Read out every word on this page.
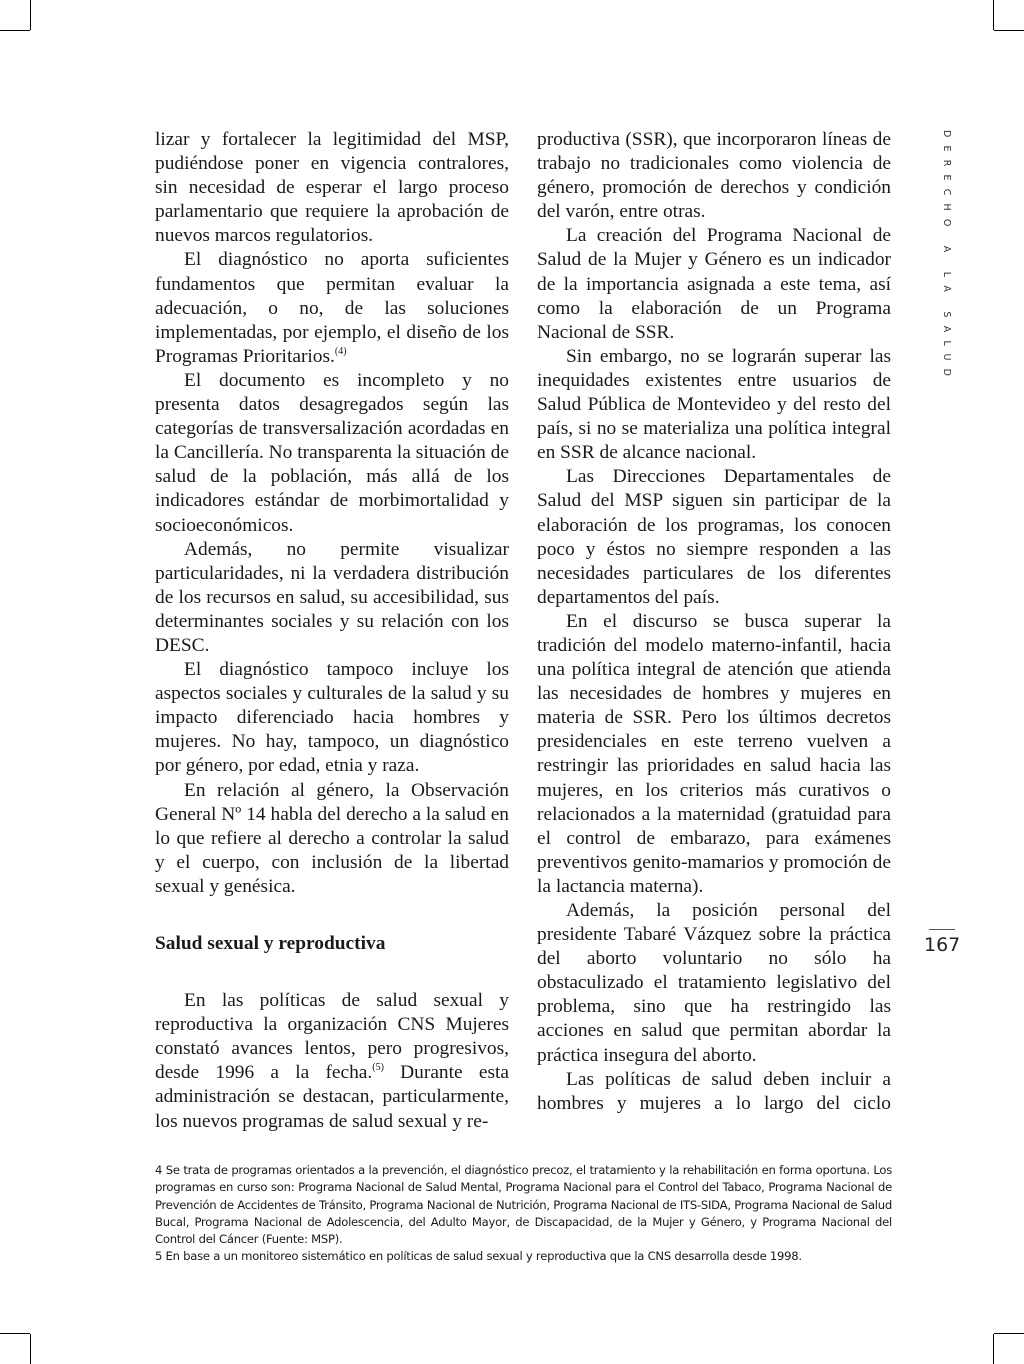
lizar y fortalecer la legitimidad del MSP, pudiéndose poner en vigencia contralores, sin necesidad de esperar el largo proceso parlamentario que requiere la aprobación de nuevos marcos regulatorios.

El diagnóstico no aporta suficientes fundamentos que permitan evaluar la adecuación, o no, de las soluciones implementadas, por ejemplo, el diseño de los Programas Prioritarios.$^{(4)}$

El documento es incompleto y no presenta datos desagregados según las categorías de transversalización acordadas en la Cancillería. No transparenta la situación de salud de la población, más allá de los indicadores estándar de morbimortalidad y socioeconómicos.

Además, no permite visualizar particularidades, ni la verdadera distribución de los recursos en salud, su accesibilidad, sus determinantes sociales y su relación con los DESC.

El diagnóstico tampoco incluye los aspectos sociales y culturales de la salud y su impacto diferenciado hacia hombres y mujeres. No hay, tampoco, un diagnóstico por género, por edad, etnia y raza.

En relación al género, la Observación General Nº 14 habla del derecho a la salud en lo que refiere al derecho a controlar la salud y el cuerpo, con inclusión de la libertad sexual y genésica.

Salud sexual y reproductiva

En las políticas de salud sexual y reproductiva la organización CNS Mujeres constató avances lentos, pero progresivos, desde 1996 a la fecha.$^{(5)}$ Durante esta administración se destacan, particularmente, los nuevos programas de salud sexual y re-

productiva (SSR), que incorporaron líneas de trabajo no tradicionales como violencia de género, promoción de derechos y condición del varón, entre otras.

La creación del Programa Nacional de Salud de la Mujer y Género es un indicador de la importancia asignada a este tema, así como la elaboración de un Programa Nacional de SSR.

Sin embargo, no se lograrán superar las inequidades existentes entre usuarios de Salud Pública de Montevideo y del resto del país, si no se materializa una política integral en SSR de alcance nacional.

Las Direcciones Departamentales de Salud del MSP siguen sin participar de la elaboración de los programas, los conocen poco y éstos no siempre responden a las necesidades particulares de los diferentes departamentos del país.

En el discurso se busca superar la tradición del modelo materno-infantil, hacia una política integral de atención que atienda las necesidades de hombres y mujeres en materia de SSR. Pero los últimos decretos presidenciales en este terreno vuelven a restringir las prioridades en salud hacia las mujeres, en los criterios más curativos o relacionados a la maternidad (gratuidad para el control de embarazo, para exámenes preventivos genito-mamarios y promoción de la lactancia materna).

Además, la posición personal del presidente Tabaré Vázquez sobre la práctica del aborto voluntario no sólo ha obstaculizado el tratamiento legislativo del problema, sino que ha restringido las acciones en salud que permitan abordar la práctica insegura del aborto.

Las políticas de salud deben incluir a hombres y mujeres a lo largo del ciclo

DERECHO A LA SALUD
167

4 Se trata de programas orientados a la prevención, el diagnóstico precoz, el tratamiento y la rehabilitación en forma oportuna. Los programas en curso son: Programa Nacional de Salud Mental, Programa Nacional para el Control del Tabaco, Programa Nacional de Prevención de Accidentes de Tránsito, Programa Nacional de Nutrición, Programa Nacional de ITS-SIDA, Programa Nacional de Salud Bucal, Programa Nacional de Adolescencia, del Adulto Mayor, de Discapacidad, de la Mujer y Género, y Programa Nacional del Control del Cáncer (Fuente: MSP).

5 En base a un monitoreo sistemático en políticas de salud sexual y reproductiva que la CNS desarrolla desde 1998.
